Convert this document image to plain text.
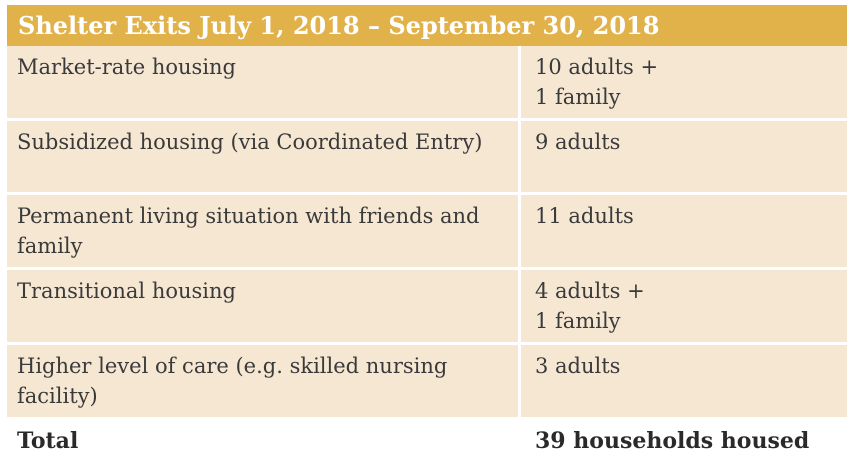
Shelter Exits July 1, 2018 – September 30, 2018
Market-rate housing	10 adults +
1 family

Subsidized housing (via Coordinated Entry)	9 adults

Permanent living situation with friends and family	11 adults

Transitional housing	4 adults +
1 family

Higher level of care (e.g. skilled nursing facility)	3 adults

Total	39 households housed
